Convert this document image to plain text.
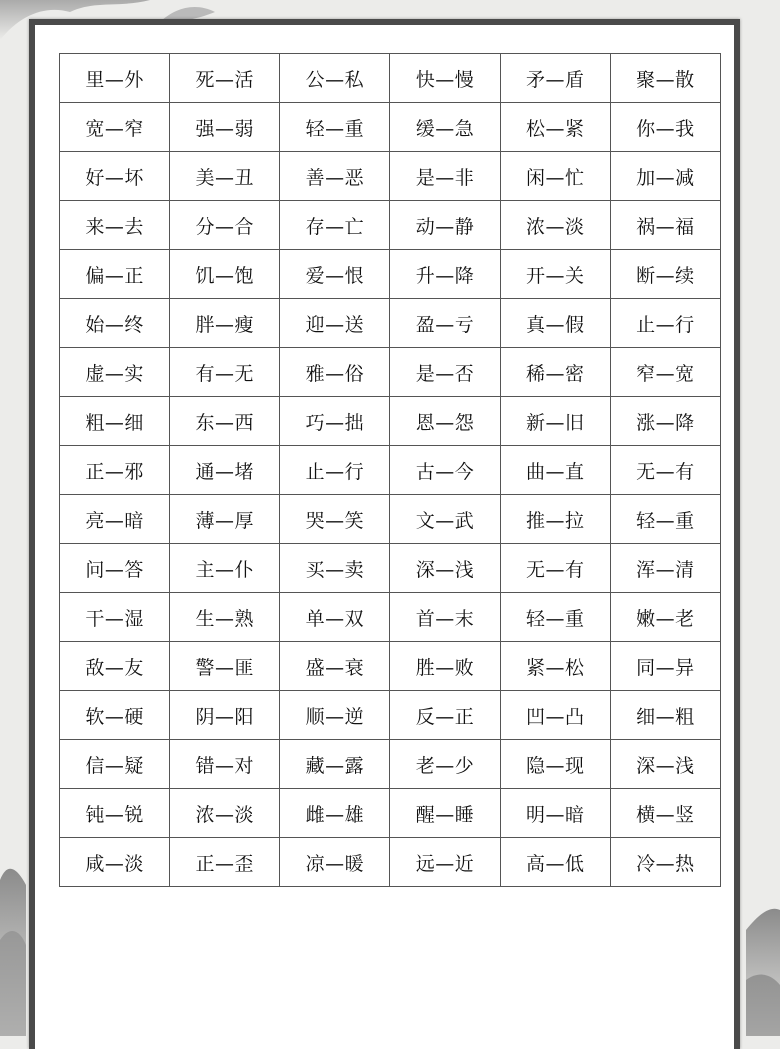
里—外	死—活	公—私	快—慢	矛—盾	聚—散
宽—窄	强—弱	轻—重	缓—急	松—紧	你—我
好—坏	美—丑	善—恶	是—非	闲—忙	加—减
来—去	分—合	存—亡	动—静	浓—淡	祸—福
偏—正	饥—饱	爱—恨	升—降	开—关	断—续
始—终	胖—瘦	迎—送	盈—亏	真—假	止—行
虚—实	有—无	雅—俗	是—否	稀—密	窄—宽
粗—细	东—西	巧—拙	恩—怨	新—旧	涨—降
正—邪	通—堵	止—行	古—今	曲—直	无—有
亮—暗	薄—厚	哭—笑	文—武	推—拉	轻—重
问—答	主—仆	买—卖	深—浅	无—有	浑—清
干—湿	生—熟	单—双	首—末	轻—重	嫩—老
敌—友	警—匪	盛—衰	胜—败	紧—松	同—异
软—硬	阴—阳	顺—逆	反—正	凹—凸	细—粗
信—疑	错—对	藏—露	老—少	隐—现	深—浅
钝—锐	浓—淡	雌—雄	醒—睡	明—暗	横—竖
咸—淡	正—歪	凉—暖	远—近	高—低	冷—热
